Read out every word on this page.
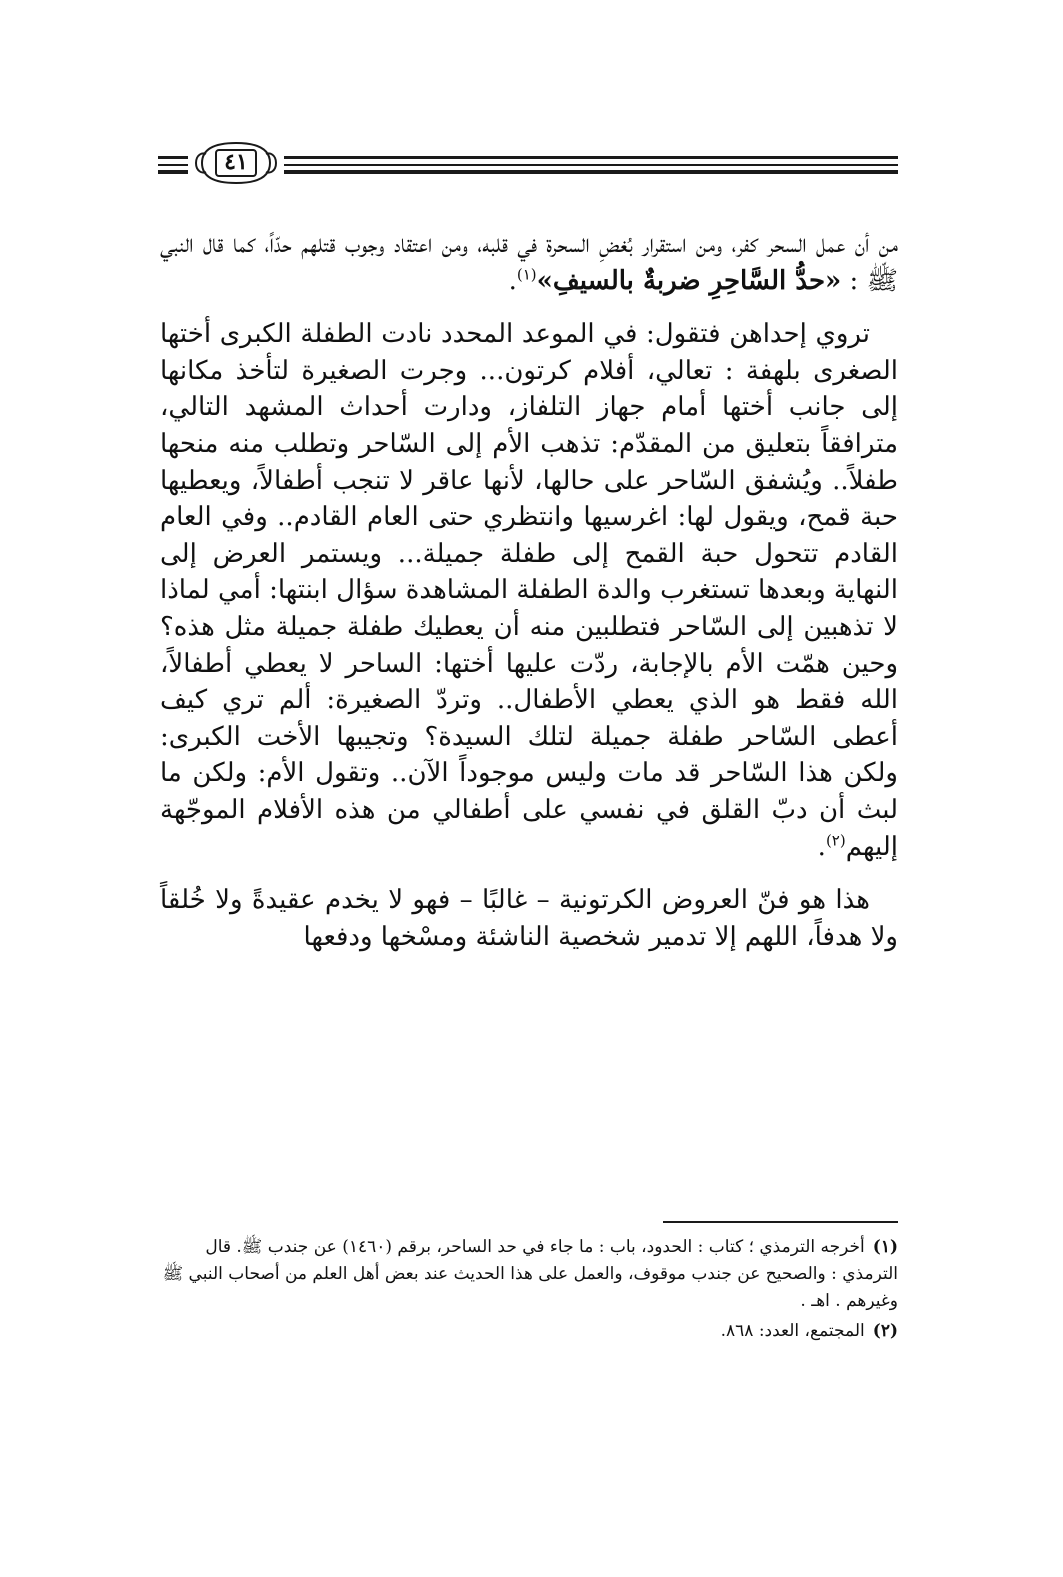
٤١

من أن عمل السحر كفر، ومن استقرار بُغضِ السحرة في قلبه، ومن اعتقاد وجوب قتلهم حدّاً، كما قال النبي ﷺ : «حدُّ السَّاحِرِ ضربةٌ بالسيفِ»$^{(١)}$.

تروي إحداهن فتقول: في الموعد المحدد نادت الطفلة الكبرى أختها الصغرى بلهفة : تعالي، أفلام كرتون... وجرت الصغيرة لتأخذ مكانها إلى جانب أختها أمام جهاز التلفاز، ودارت أحداث المشهد التالي، مترافقاً بتعليق من المقدّم: تذهب الأم إلى السّاحر وتطلب منه منحها طفلاً.. ويُشفق السّاحر على حالها، لأنها عاقر لا تنجب أطفالاً، ويعطيها حبة قمح، ويقول لها: اغرسيها وانتظري حتى العام القادم.. وفي العام القادم تتحول حبة القمح إلى طفلة جميلة... ويستمر العرض إلى النهاية وبعدها تستغرب والدة الطفلة المشاهدة سؤال ابنتها: أمي لماذا لا تذهبين إلى السّاحر فتطلبين منه أن يعطيك طفلة جميلة مثل هذه؟ وحين همّت الأم بالإجابة، ردّت عليها أختها: الساحر لا يعطي أطفالاً، الله فقط هو الذي يعطي الأطفال.. وتردّ الصغيرة: ألم تري كيف أعطى السّاحر طفلة جميلة لتلك السيدة؟ وتجيبها الأخت الكبرى: ولكن هذا السّاحر قد مات وليس موجوداً الآن.. وتقول الأم: ولكن ما لبث أن دبّ القلق في نفسي على أطفالي من هذه الأفلام الموجّهة إليهم$^{(٢)}$.

هذا هو فنّ العروض الكرتونية – غالبًا – فهو لا يخدم عقيدةً ولا خُلقاً ولا هدفاً، اللهم إلا تدمير شخصية الناشئة ومسْخها ودفعها

(١)أخرجه الترمذي ؛ كتاب : الحدود، باب : ما جاء في حد الساحر، برقم (١٤٦٠) عن جندب ﷺ. قال الترمذي : والصحيح عن جندب موقوف، والعمل على هذا الحديث عند بعض أهل العلم من أصحاب النبي ﷺ وغيرهم . اهـ .

(٢)المجتمع، العدد: ٨٦٨.
